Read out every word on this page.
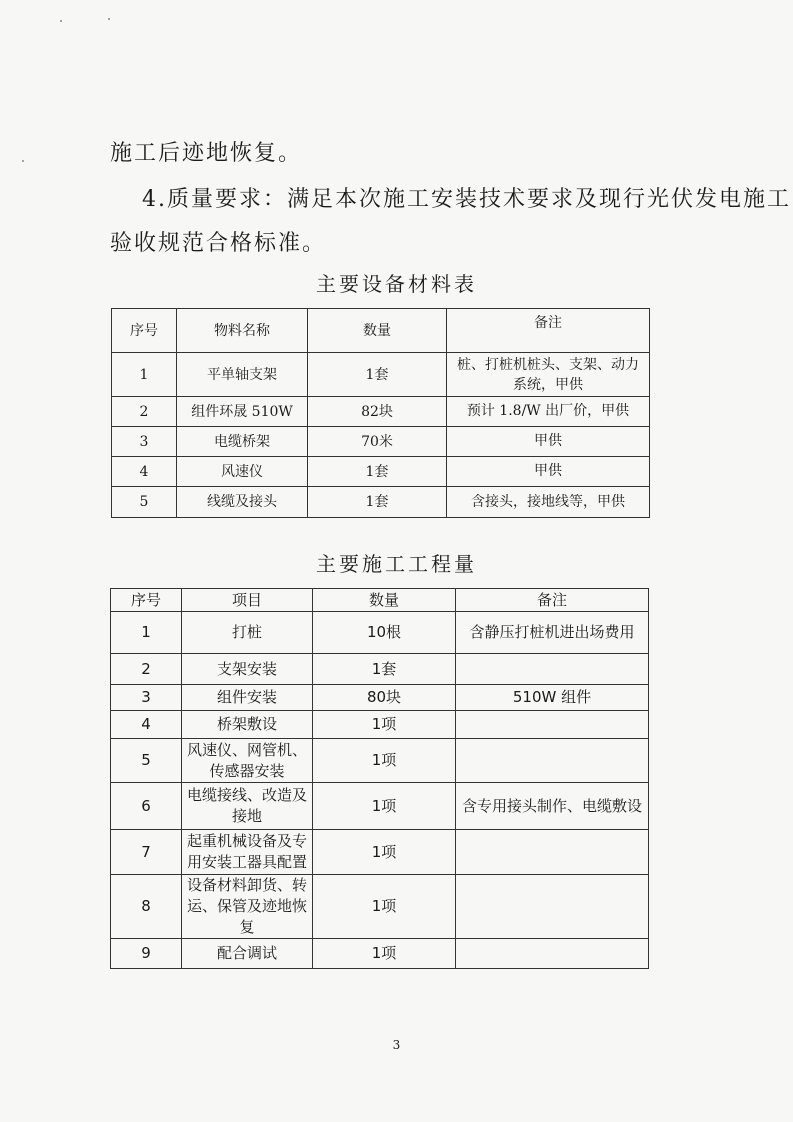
施工后迹地恢复。
4.质量要求：满足本次施工安装技术要求及现行光伏发电施工
验收规范合格标准。
主要设备材料表
序号	物料名称	数量	备注
1	平单轴支架	1套	桩、打桩机桩头、支架、动力系统，甲供
2	组件环晟 510W	82块	预计 1.8/W 出厂价，甲供
3	电缆桥架	70米	甲供
4	风速仪	1套	甲供
5	线缆及接头	1套	含接头，接地线等，甲供
主要施工工程量
序号	项目	数量	备注
1	打桩	10根	含静压打桩机进出场费用
2	支架安装	1套	
3	组件安装	80块	510W 组件
4	桥架敷设	1项	
5	风速仪、网管机、传感器安装	1项	
6	电缆接线、改造及接地	1项	含专用接头制作、电缆敷设
7	起重机械设备及专用安装工器具配置	1项	
8	设备材料卸货、转运、保管及迹地恢复	1项	
9	配合调试	1项	
3
